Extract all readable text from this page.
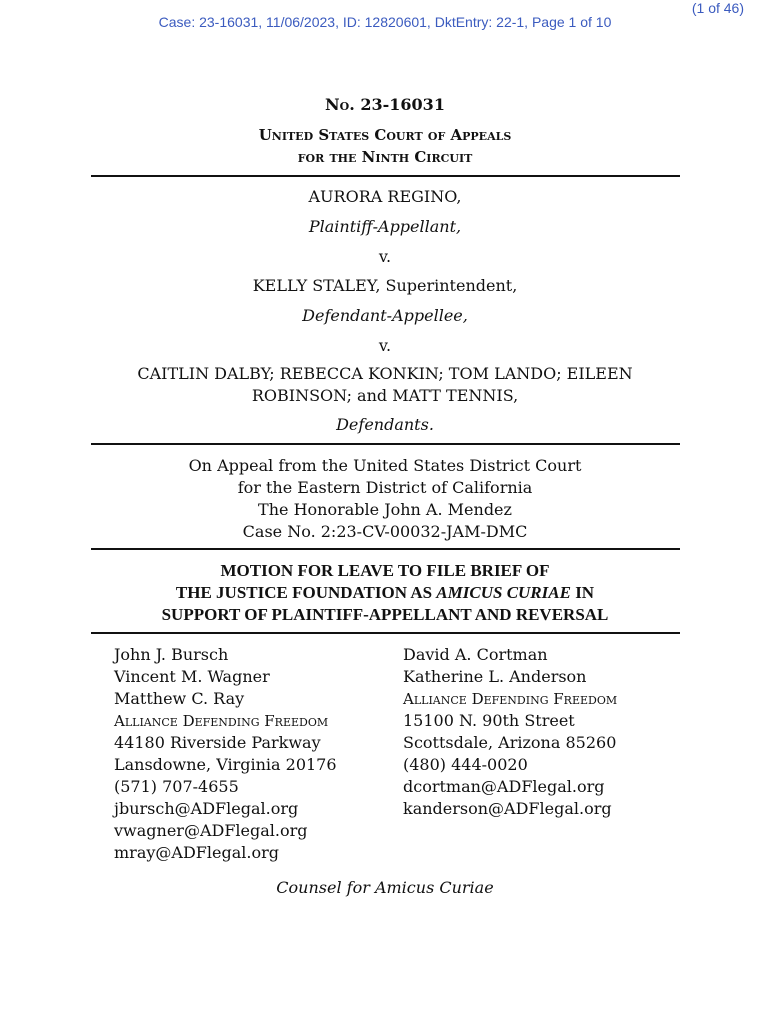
(1 of 46)
Case: 23-16031, 11/06/2023, ID: 12820601, DktEntry: 22-1, Page 1 of 10
No. 23-16031
United States Court of Appeals
for the Ninth Circuit
AURORA REGINO,
Plaintiff-Appellant,
v.
KELLY STALEY, Superintendent,
Defendant-Appellee,
v.
CAITLIN DALBY; REBECCA KONKIN; TOM LANDO; EILEEN
ROBINSON; and MATT TENNIS,
Defendants.
On Appeal from the United States District Court
for the Eastern District of California
The Honorable John A. Mendez
Case No. 2:23-CV-00032-JAM-DMC
MOTION FOR LEAVE TO FILE BRIEF OF
THE JUSTICE FOUNDATION AS AMICUS CURIAE IN
SUPPORT OF PLAINTIFF-APPELLANT AND REVERSAL
John J. Bursch
Vincent M. Wagner
Matthew C. Ray
Alliance Defending Freedom
44180 Riverside Parkway
Lansdowne, Virginia 20176
(571) 707-4655
jbursch@ADFlegal.org
vwagner@ADFlegal.org
mray@ADFlegal.org
David A. Cortman
Katherine L. Anderson
Alliance Defending Freedom
15100 N. 90th Street
Scottsdale, Arizona 85260
(480) 444-0020
dcortman@ADFlegal.org
kanderson@ADFlegal.org
Counsel for Amicus Curiae
